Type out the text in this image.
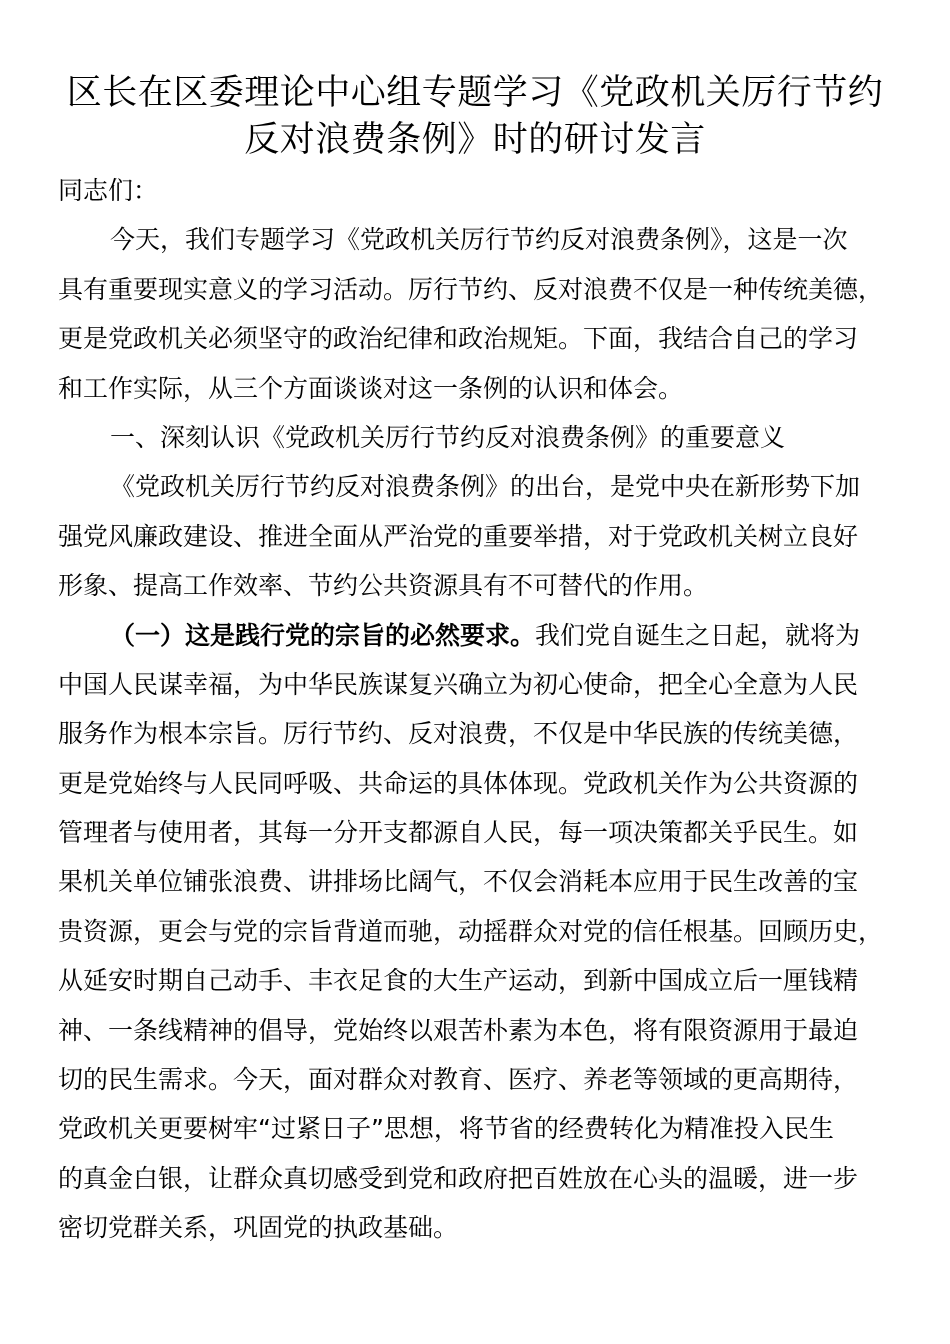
区长在区委理论中心组专题学习《党政机关厉行节约
反对浪费条例》时的研讨发言
同志们：
今天，我们专题学习《党政机关厉行节约反对浪费条例》，这是一次
具有重要现实意义的学习活动。厉行节约、反对浪费不仅是一种传统美德，
更是党政机关必须坚守的政治纪律和政治规矩。下面，我结合自己的学习
和工作实际，从三个方面谈谈对这一条例的认识和体会。
一、深刻认识《党政机关厉行节约反对浪费条例》的重要意义
《党政机关厉行节约反对浪费条例》的出台，是党中央在新形势下加
强党风廉政建设、推进全面从严治党的重要举措，对于党政机关树立良好
形象、提高工作效率、节约公共资源具有不可替代的作用。
（一）这是践行党的宗旨的必然要求。我们党自诞生之日起，就将为
中国人民谋幸福，为中华民族谋复兴确立为初心使命，把全心全意为人民
服务作为根本宗旨。厉行节约、反对浪费，不仅是中华民族的传统美德，
更是党始终与人民同呼吸、共命运的具体体现。党政机关作为公共资源的
管理者与使用者，其每一分开支都源自人民，每一项决策都关乎民生。如
果机关单位铺张浪费、讲排场比阔气，不仅会消耗本应用于民生改善的宝
贵资源，更会与党的宗旨背道而驰，动摇群众对党的信任根基。回顾历史，
从延安时期自己动手、丰衣足食的大生产运动，到新中国成立后一厘钱精
神、一条线精神的倡导，党始终以艰苦朴素为本色，将有限资源用于最迫
切的民生需求。今天，面对群众对教育、医疗、养老等领域的更高期待，
党政机关更要树牢“过紧日子”思想，将节省的经费转化为精准投入民生
的真金白银，让群众真切感受到党和政府把百姓放在心头的温暖，进一步
密切党群关系，巩固党的执政基础。
